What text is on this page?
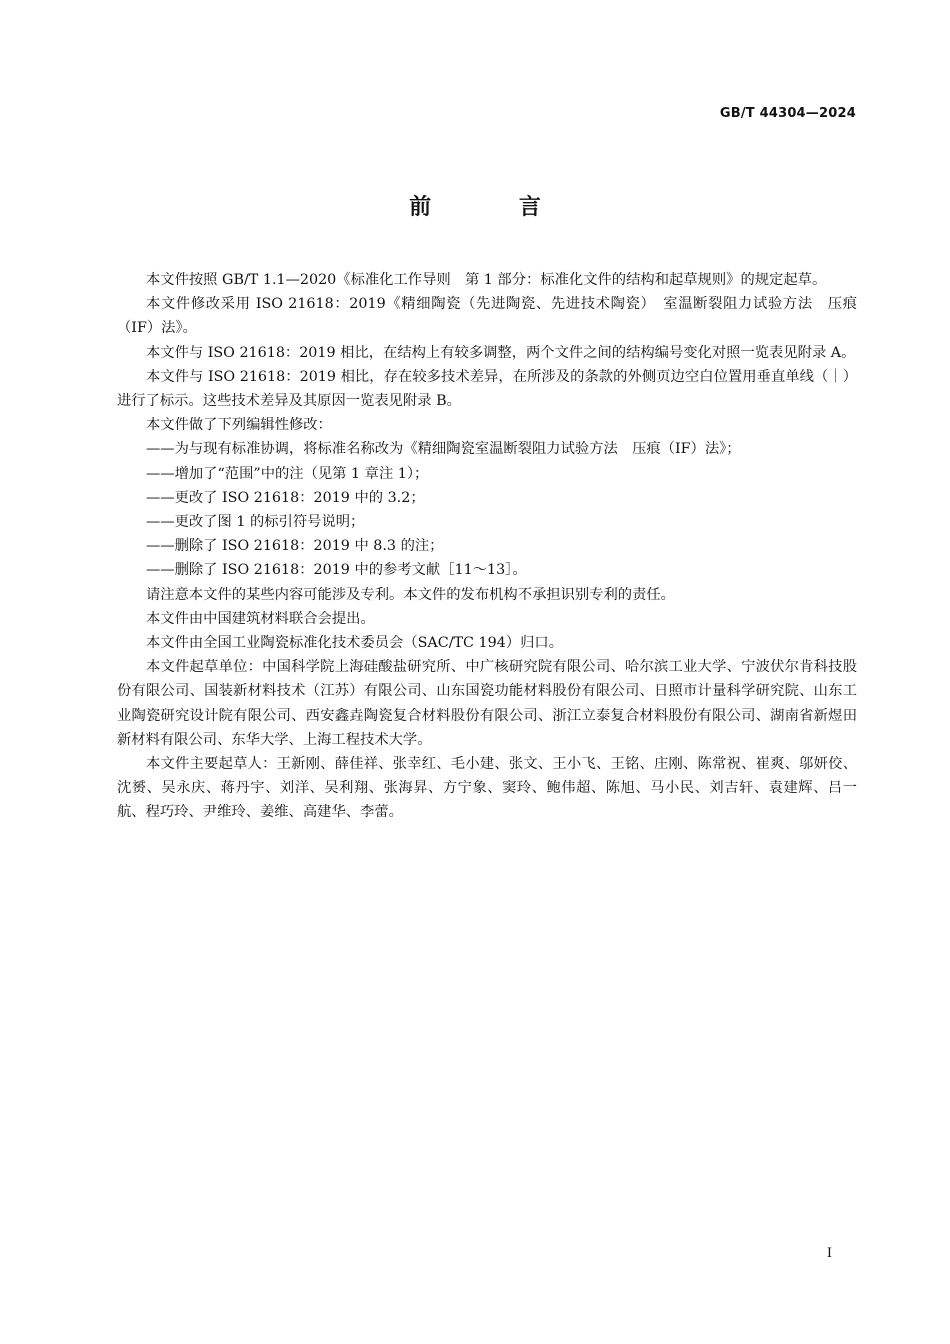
GB/T 44304—2024
前 言

本文件按照 GB/T 1.1—2020《标准化工作导则　第 1 部分：标准化文件的结构和起草规则》的规定起草。

本文件修改采用 ISO 21618：2019《精细陶瓷（先进陶瓷、先进技术陶瓷）　室温断裂阻力试验方法　压痕（IF）法》。

本文件与 ISO 21618：2019 相比，在结构上有较多调整，两个文件之间的结构编号变化对照一览表见附录 A。

本文件与 ISO 21618：2019 相比，存在较多技术差异，在所涉及的条款的外侧页边空白位置用垂直单线（｜）进行了标示。这些技术差异及其原因一览表见附录 B。

本文件做了下列编辑性修改：

——为与现有标准协调，将标准名称改为《精细陶瓷室温断裂阻力试验方法　压痕（IF）法》；

——增加了“范围”中的注（见第 1 章注 1）；

——更改了 ISO 21618：2019 中的 3.2；

——更改了图 1 的标引符号说明；

——删除了 ISO 21618：2019 中 8.3 的注；

——删除了 ISO 21618：2019 中的参考文献［11～13］。

请注意本文件的某些内容可能涉及专利。本文件的发布机构不承担识别专利的责任。

本文件由中国建筑材料联合会提出。

本文件由全国工业陶瓷标准化技术委员会（SAC/TC 194）归口。

本文件起草单位：中国科学院上海硅酸盐研究所、中广核研究院有限公司、哈尔滨工业大学、宁波伏尔肯科技股份有限公司、国装新材料技术（江苏）有限公司、山东国瓷功能材料股份有限公司、日照市计量科学研究院、山东工业陶瓷研究设计院有限公司、西安鑫垚陶瓷复合材料股份有限公司、浙江立泰复合材料股份有限公司、湖南省新煜田新材料有限公司、东华大学、上海工程技术大学。

本文件主要起草人：王新刚、薛佳祥、张幸红、毛小建、张文、王小飞、王铭、庄刚、陈常祝、崔爽、邬妍佼、沈赟、吴永庆、蒋丹宇、刘洋、吴利翔、张海昇、方宁象、窦玲、鲍伟超、陈旭、马小民、刘吉轩、袁建辉、吕一航、程巧玲、尹维玲、姜维、高建华、李蕾。

I
